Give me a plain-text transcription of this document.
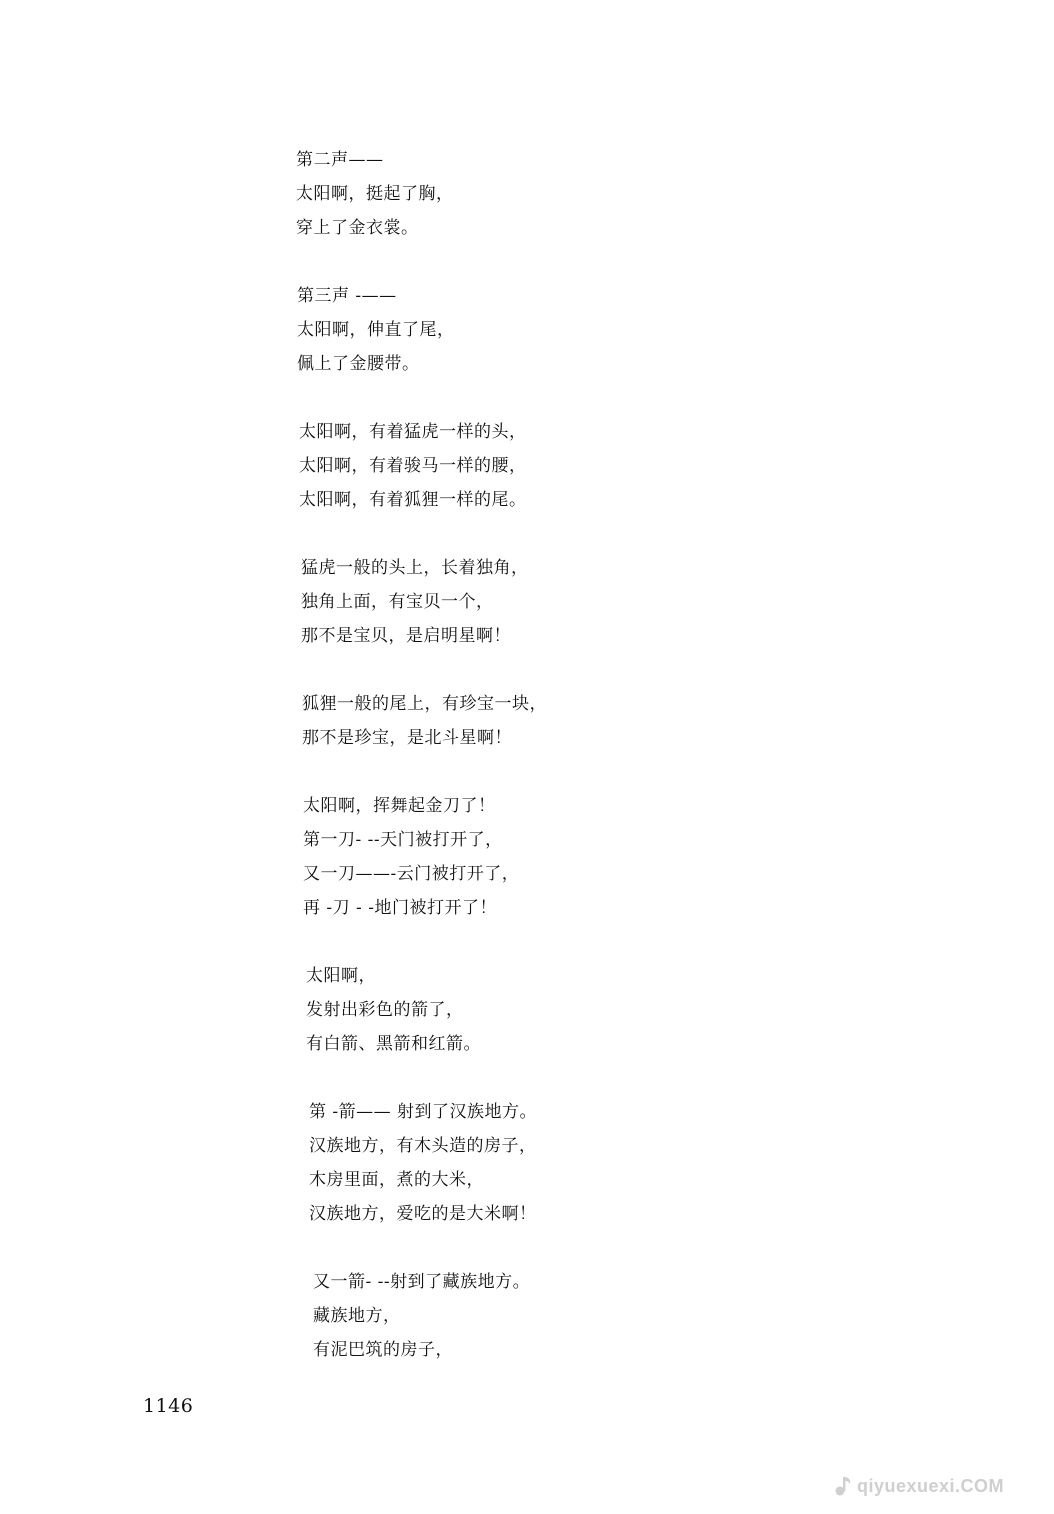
第二声——
太阳啊，挺起了胸，
穿上了金衣裳。
第三声 -——
太阳啊，伸直了尾，
佩上了金腰带。
太阳啊，有着猛虎一样的头，
太阳啊，有着骏马一样的腰，
太阳啊，有着狐狸一样的尾。
猛虎一般的头上，长着独角，
独角上面，有宝贝一个，
那不是宝贝，是启明星啊！
狐狸一般的尾上，有珍宝一块，
那不是珍宝，是北斗星啊！
太阳啊，挥舞起金刀了！
第一刀- --天门被打开了，
又一刀——-云门被打开了，
再 -刀 - -地门被打开了！
太阳啊，
发射出彩色的箭了，
有白箭、黑箭和红箭。
第 -箭—— 射到了汉族地方。
汉族地方，有木头造的房子，
木房里面，煮的大米，
汉族地方，爱吃的是大米啊！
又一箭- --射到了藏族地方。
藏族地方，
有泥巴筑的房子，
1146
qiyuexuexi.COM
